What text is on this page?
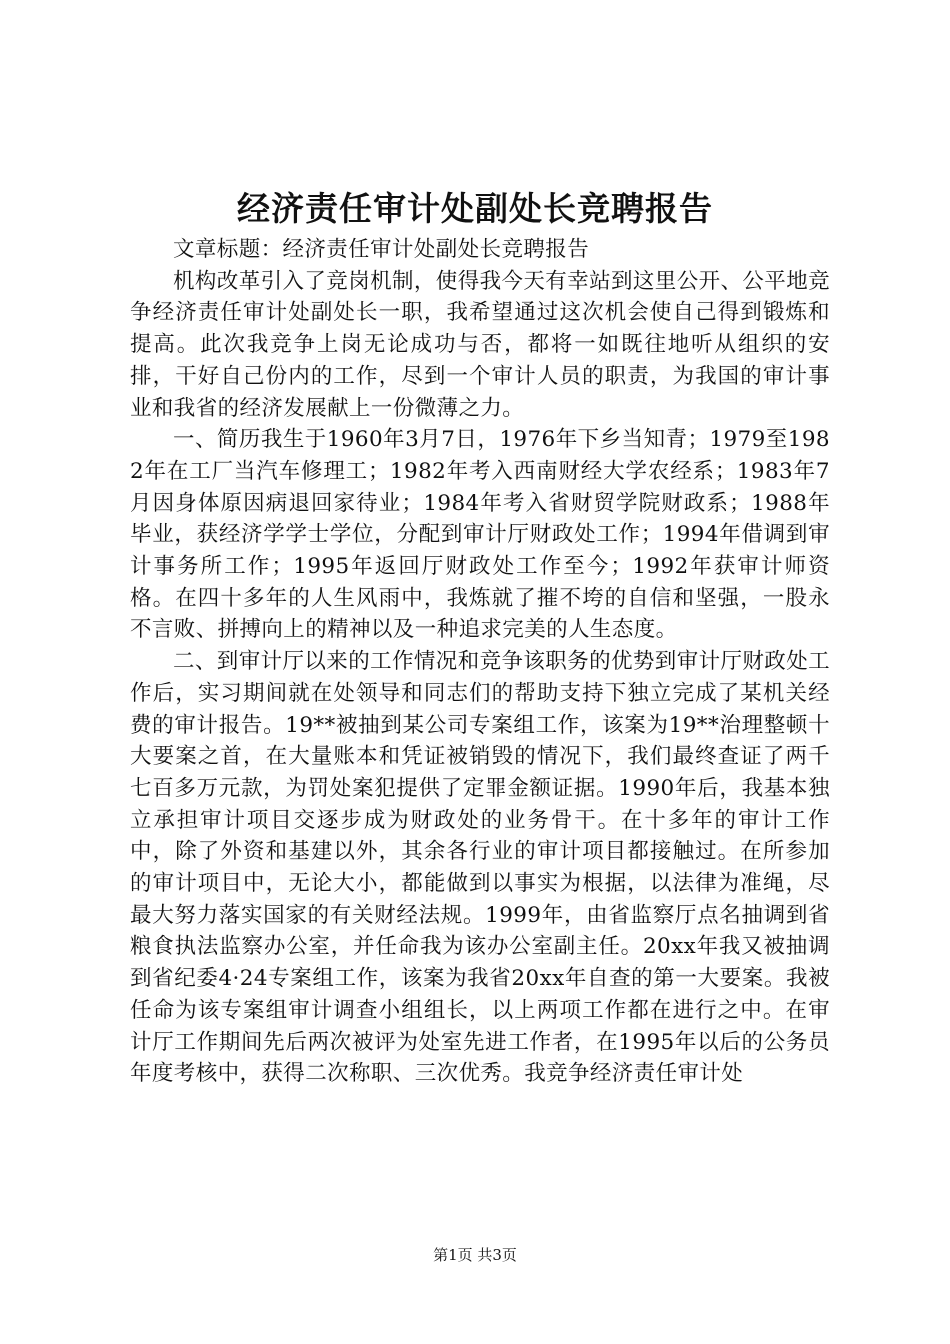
经济责任审计处副处长竞聘报告

文章标题：经济责任审计处副处长竞聘报告

机构改革引入了竞岗机制，使得我今天有幸站到这里公开、公平地竞争经济责任审计处副处长一职，我希望通过这次机会使自己得到锻炼和提高。此次我竞争上岗无论成功与否，都将一如既往地听从组织的安排，干好自己份内的工作，尽到一个审计人员的职责，为我国的审计事业和我省的经济发展献上一份微薄之力。

一、简历我生于1960年3月7日，1976年下乡当知青；1979至1982年在工厂当汽车修理工；1982年考入西南财经大学农经系；1983年7月因身体原因病退回家待业；1984年考入省财贸学院财政系；1988年毕业，获经济学学士学位，分配到审计厅财政处工作；1994年借调到审计事务所工作；1995年返回厅财政处工作至今；1992年获审计师资格。在四十多年的人生风雨中，我炼就了摧不垮的自信和坚强，一股永不言败、拼搏向上的精神以及一种追求完美的人生态度。

二、到审计厅以来的工作情况和竞争该职务的优势到审计厅财政处工作后，实习期间就在处领导和同志们的帮助支持下独立完成了某机关经费的审计报告。19**被抽到某公司专案组工作，该案为19**治理整顿十大要案之首，在大量账本和凭证被销毁的情况下，我们最终查证了两千七百多万元款，为罚处案犯提供了定罪金额证据。1990年后，我基本独立承担审计项目交逐步成为财政处的业务骨干。在十多年的审计工作中，除了外资和基建以外，其余各行业的审计项目都接触过。在所参加的审计项目中，无论大小，都能做到以事实为根据，以法律为准绳，尽最大努力落实国家的有关财经法规。1999年，由省监察厅点名抽调到省粮食执法监察办公室，并任命我为该办公室副主任。20xx年我又被抽调到省纪委4·24专案组工作，该案为我省20xx年自查的第一大要案。我被任命为该专案组审计调查小组组长，以上两项工作都在进行之中。在审计厅工作期间先后两次被评为处室先进工作者，在1995年以后的公务员年度考核中，获得二次称职、三次优秀。我竞争经济责任审计处

第1页 共3页
